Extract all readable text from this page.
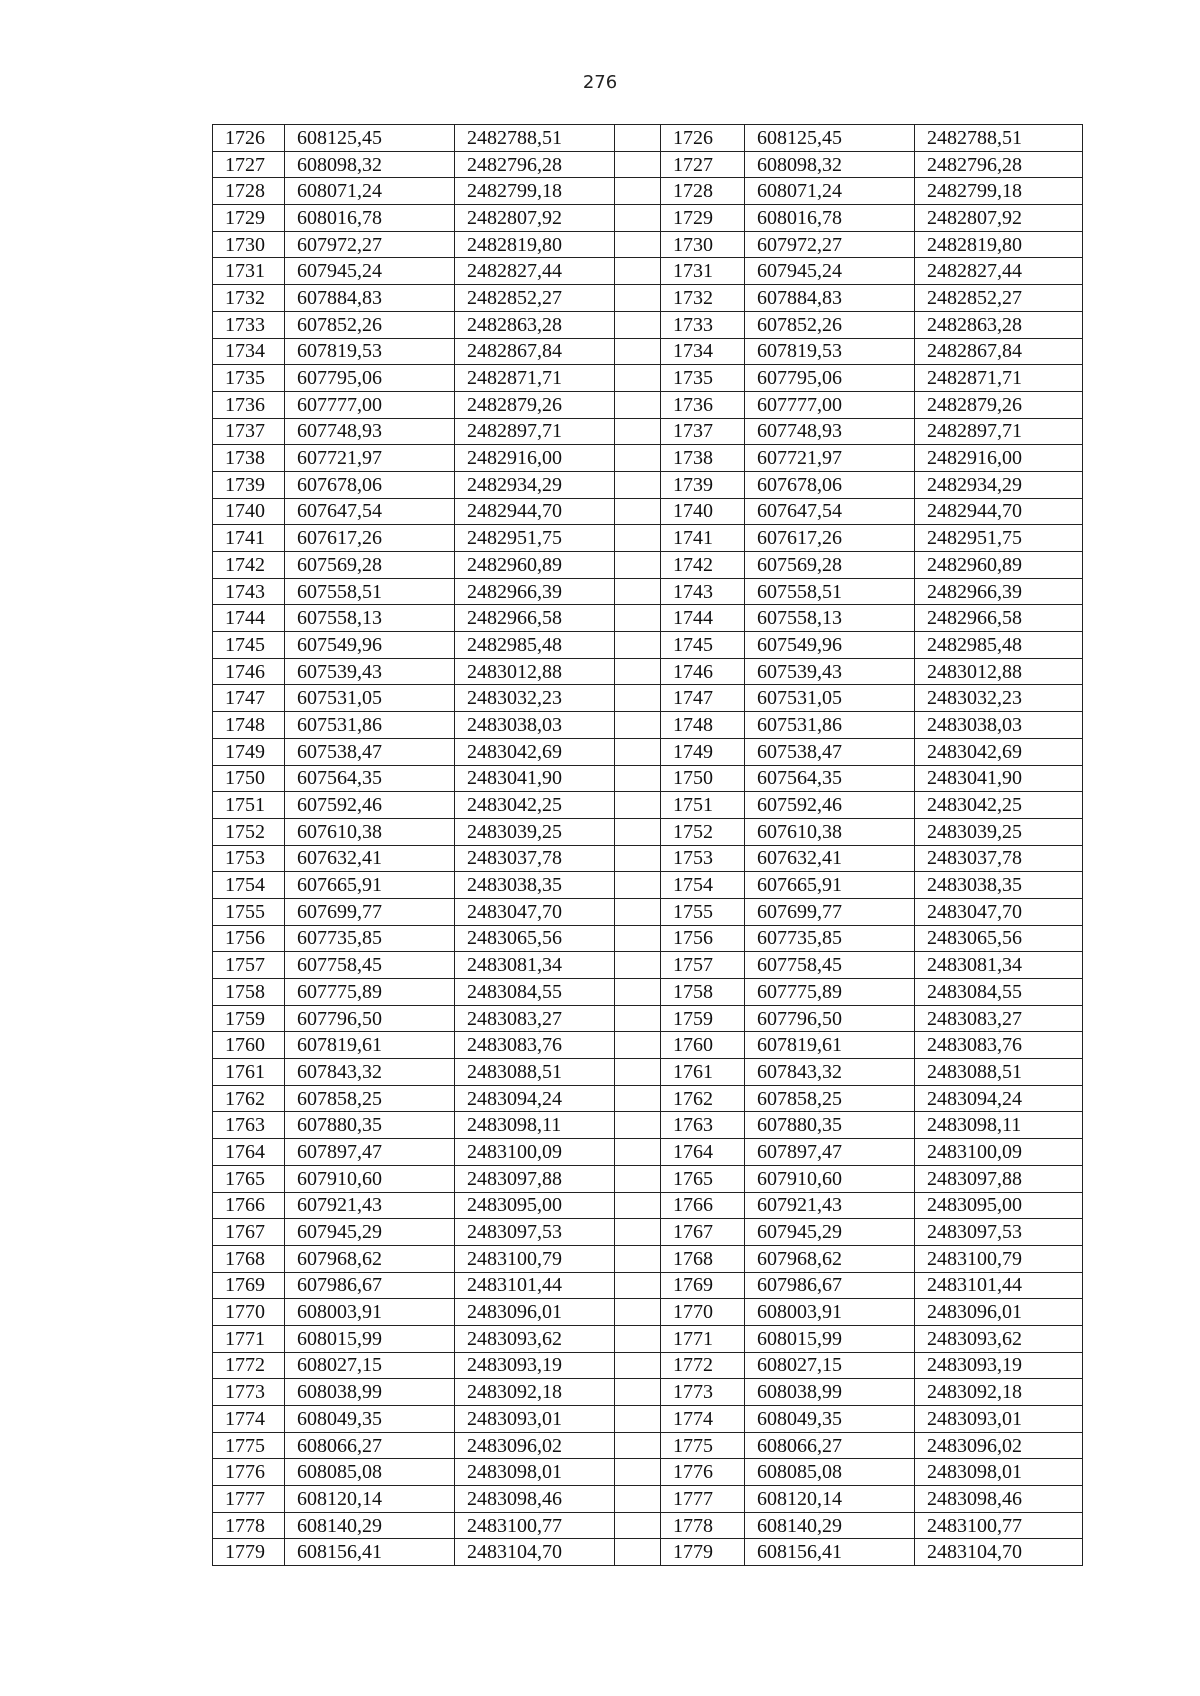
276
1726	608125,45	2482788,51		1726	608125,45	2482788,51
1727	608098,32	2482796,28		1727	608098,32	2482796,28
1728	608071,24	2482799,18		1728	608071,24	2482799,18
1729	608016,78	2482807,92		1729	608016,78	2482807,92
1730	607972,27	2482819,80		1730	607972,27	2482819,80
1731	607945,24	2482827,44		1731	607945,24	2482827,44
1732	607884,83	2482852,27		1732	607884,83	2482852,27
1733	607852,26	2482863,28		1733	607852,26	2482863,28
1734	607819,53	2482867,84		1734	607819,53	2482867,84
1735	607795,06	2482871,71		1735	607795,06	2482871,71
1736	607777,00	2482879,26		1736	607777,00	2482879,26
1737	607748,93	2482897,71		1737	607748,93	2482897,71
1738	607721,97	2482916,00		1738	607721,97	2482916,00
1739	607678,06	2482934,29		1739	607678,06	2482934,29
1740	607647,54	2482944,70		1740	607647,54	2482944,70
1741	607617,26	2482951,75		1741	607617,26	2482951,75
1742	607569,28	2482960,89		1742	607569,28	2482960,89
1743	607558,51	2482966,39		1743	607558,51	2482966,39
1744	607558,13	2482966,58		1744	607558,13	2482966,58
1745	607549,96	2482985,48		1745	607549,96	2482985,48
1746	607539,43	2483012,88		1746	607539,43	2483012,88
1747	607531,05	2483032,23		1747	607531,05	2483032,23
1748	607531,86	2483038,03		1748	607531,86	2483038,03
1749	607538,47	2483042,69		1749	607538,47	2483042,69
1750	607564,35	2483041,90		1750	607564,35	2483041,90
1751	607592,46	2483042,25		1751	607592,46	2483042,25
1752	607610,38	2483039,25		1752	607610,38	2483039,25
1753	607632,41	2483037,78		1753	607632,41	2483037,78
1754	607665,91	2483038,35		1754	607665,91	2483038,35
1755	607699,77	2483047,70		1755	607699,77	2483047,70
1756	607735,85	2483065,56		1756	607735,85	2483065,56
1757	607758,45	2483081,34		1757	607758,45	2483081,34
1758	607775,89	2483084,55		1758	607775,89	2483084,55
1759	607796,50	2483083,27		1759	607796,50	2483083,27
1760	607819,61	2483083,76		1760	607819,61	2483083,76
1761	607843,32	2483088,51		1761	607843,32	2483088,51
1762	607858,25	2483094,24		1762	607858,25	2483094,24
1763	607880,35	2483098,11		1763	607880,35	2483098,11
1764	607897,47	2483100,09		1764	607897,47	2483100,09
1765	607910,60	2483097,88		1765	607910,60	2483097,88
1766	607921,43	2483095,00		1766	607921,43	2483095,00
1767	607945,29	2483097,53		1767	607945,29	2483097,53
1768	607968,62	2483100,79		1768	607968,62	2483100,79
1769	607986,67	2483101,44		1769	607986,67	2483101,44
1770	608003,91	2483096,01		1770	608003,91	2483096,01
1771	608015,99	2483093,62		1771	608015,99	2483093,62
1772	608027,15	2483093,19		1772	608027,15	2483093,19
1773	608038,99	2483092,18		1773	608038,99	2483092,18
1774	608049,35	2483093,01		1774	608049,35	2483093,01
1775	608066,27	2483096,02		1775	608066,27	2483096,02
1776	608085,08	2483098,01		1776	608085,08	2483098,01
1777	608120,14	2483098,46		1777	608120,14	2483098,46
1778	608140,29	2483100,77		1778	608140,29	2483100,77
1779	608156,41	2483104,70		1779	608156,41	2483104,70
